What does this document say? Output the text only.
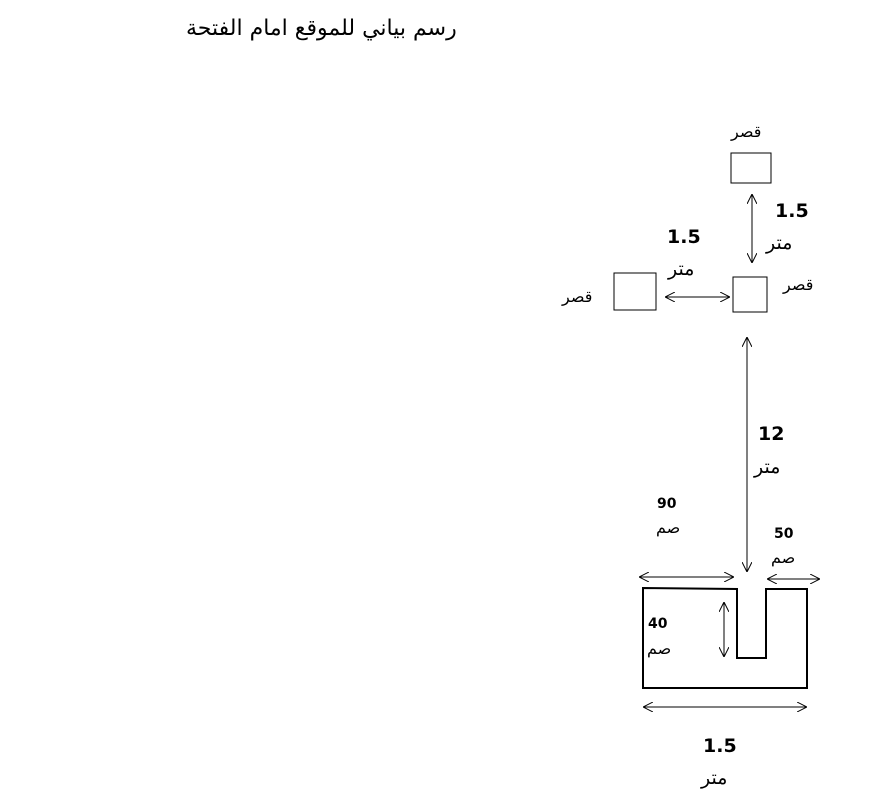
رسم بياني للموقع امام الفتحة
قصر
قصر
قصر
1.5
متر
1.5
متر
12
متر
90
صم	50
صم
40
صم
1.5
متر
